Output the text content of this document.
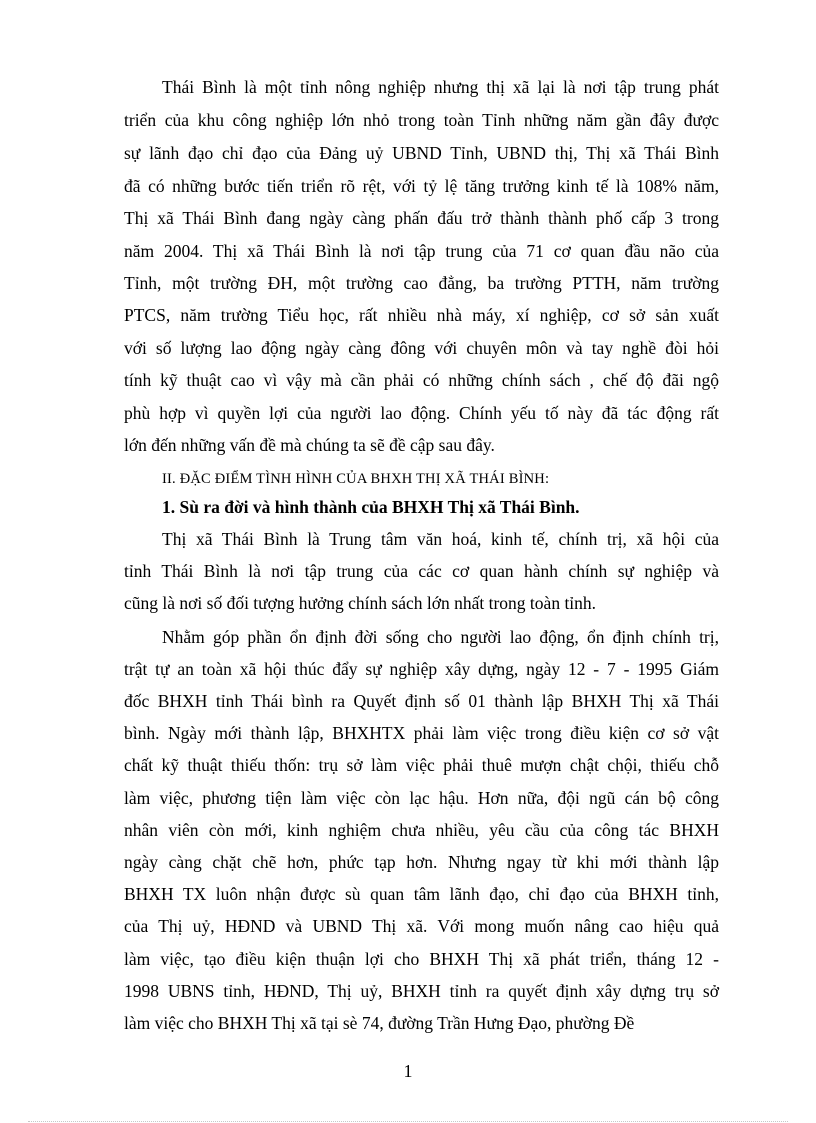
Thái Bình là một tỉnh nông nghiệp nhưng thị xã lại là nơi tập trung phát
triển của khu công nghiệp lớn nhỏ trong toàn Tỉnh những năm gần đây được
sự lãnh đạo chỉ đạo của Đảng uỷ UBND Tỉnh, UBND thị, Thị xã Thái Bình
đã có những bước tiến triển rõ rệt, với tỷ lệ tăng trưởng kinh tế là 108% năm,
Thị xã Thái Bình đang ngày càng phấn đấu trở thành thành phố cấp 3 trong
năm 2004. Thị xã Thái Bình là nơi tập trung của 71 cơ quan đầu não của
Tỉnh, một trường ĐH, một trường cao đẳng, ba trường PTTH, năm trường
PTCS, năm trường Tiểu học, rất nhiều nhà máy, xí nghiệp, cơ sở sản xuất
với số lượng lao động ngày càng đông với chuyên môn và tay nghề đòi hỏi
tính kỹ thuật cao vì vậy mà cần phải có những chính sách , chế độ đãi ngộ
phù hợp vì quyền lợi của người lao động. Chính yếu tố này đã tác động rất
lớn đến những vấn đề mà chúng ta sẽ đề cập sau đây.
II. ĐẶC ĐIỂM TÌNH HÌNH CỦA BHXH THỊ XÃ THÁI BÌNH:
1. Sù ra đời và hình thành của BHXH Thị xã Thái Bình.
Thị xã Thái Bình là Trung tâm văn hoá, kinh tế, chính trị, xã hội của
tỉnh Thái Bình là nơi tập trung của các cơ quan hành chính sự nghiệp và
cũng là nơi số đối tượng hưởng chính sách lớn nhất trong toàn tỉnh.
Nhằm góp phần ổn định đời sống cho người lao động, ổn định chính trị,
trật tự an toàn xã hội thúc đẩy sự nghiệp xây dựng, ngày 12 - 7 - 1995 Giám
đốc BHXH tỉnh Thái bình ra Quyết định số 01 thành lập BHXH Thị xã Thái
bình. Ngày mới thành lập, BHXHTX phải làm việc trong điều kiện cơ sở vật
chất kỹ thuật thiếu thốn: trụ sở làm việc phải thuê mượn chật chội, thiếu chỗ
làm việc, phương tiện làm việc còn lạc hậu. Hơn nữa, đội ngũ cán bộ công
nhân viên còn mới, kinh nghiệm chưa nhiều, yêu cầu của công tác BHXH
ngày càng chặt chẽ hơn, phức tạp hơn. Nhưng ngay từ khi mới thành lập
BHXH TX luôn nhận được sù quan tâm lãnh đạo, chỉ đạo của BHXH tỉnh,
của Thị uỷ, HĐND và UBND Thị xã. Với mong muốn nâng cao hiệu quả
làm việc, tạo điều kiện thuận lợi cho BHXH Thị xã phát triển, tháng 12 -
1998 UBNS tỉnh, HĐND, Thị uỷ, BHXH tỉnh ra quyết định xây dựng trụ sở
làm việc cho BHXH Thị xã tại sè 74, đường Trần Hưng Đạo, phường Đề
1
